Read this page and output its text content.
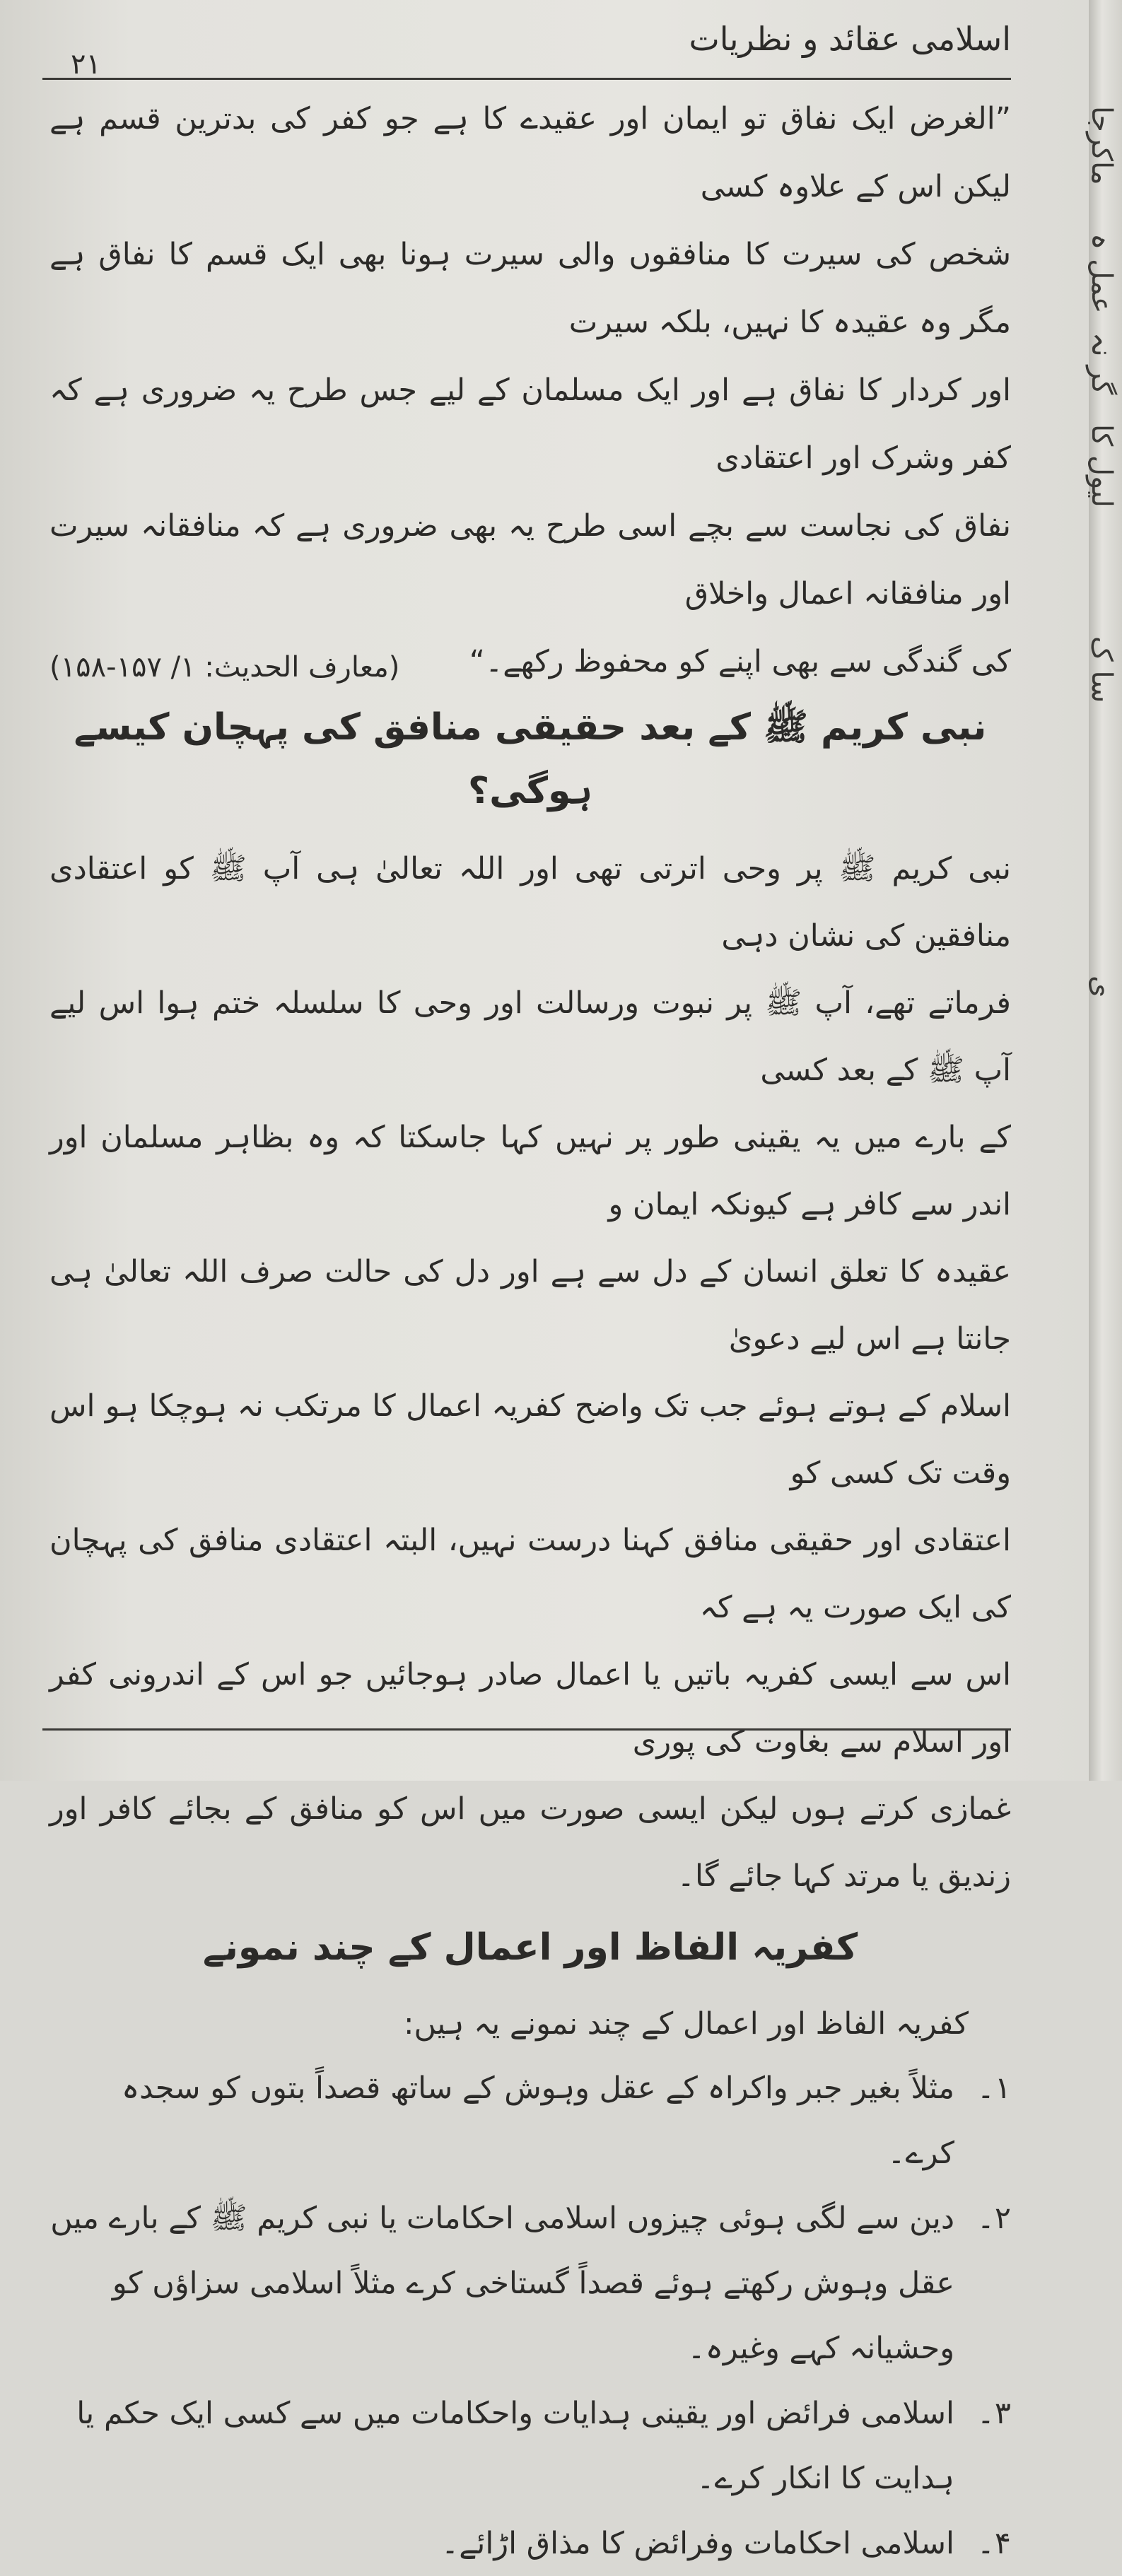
اسلامی عقائد و نظریات
۲۱

”الغرض ایک نفاق تو ایمان اور عقیدے کا ہے جو کفر کی بدترین قسم ہے لیکن اس کے علاوہ کسی

شخص کی سیرت کا منافقوں والی سیرت ہونا بھی ایک قسم کا نفاق ہے مگر وہ عقیدہ کا نہیں، بلکہ سیرت

اور کردار کا نفاق ہے اور ایک مسلمان کے لیے جس طرح یہ ضروری ہے کہ کفر وشرک اور اعتقادی

نفاق کی نجاست سے بچے اسی طرح یہ بھی ضروری ہے کہ منافقانہ سیرت اور منافقانہ اعمال واخلاق

کی گندگی سے بھی اپنے کو محفوظ رکھے۔“

(معارف الحدیث: ۱/ ۱۵۷-۱۵۸)

نبی کریم ﷺ کے بعد حقیقی منافق کی پہچان کیسے ہوگی؟

نبی کریم ﷺ پر وحی اترتی تھی اور اللہ تعالیٰ ہی آپ ﷺ کو اعتقادی منافقین کی نشان دہی

فرماتے تھے، آپ ﷺ پر نبوت ورسالت اور وحی کا سلسلہ ختم ہوا اس لیے آپ ﷺ کے بعد کسی

کے بارے میں یہ یقینی طور پر نہیں کہا جاسکتا کہ وہ بظاہر مسلمان اور اندر سے کافر ہے کیونکہ ایمان و

عقیدہ کا تعلق انسان کے دل سے ہے اور دل کی حالت صرف اللہ تعالیٰ ہی جانتا ہے اس لیے دعویٰ

اسلام کے ہوتے ہوئے جب تک واضح کفریہ اعمال کا مرتکب نہ ہوچکا ہو اس وقت تک کسی کو

اعتقادی اور حقیقی منافق کہنا درست نہیں، البتہ اعتقادی منافق کی پہچان کی ایک صورت یہ ہے کہ

اس سے ایسی کفریہ باتیں یا اعمال صادر ہوجائیں جو اس کے اندرونی کفر اور اسلام سے بغاوت کی پوری

غمازی کرتے ہوں لیکن ایسی صورت میں اس کو منافق کے بجائے کافر اور زندیق یا مرتد کہا جائے گا۔

کفریہ الفاظ اور اعمال کے چند نمونے

کفریہ الفاظ اور اعمال کے چند نمونے یہ ہیں:

۱۔
مثلاً بغیر جبر واکراہ کے عقل وہوش کے ساتھ قصداً بتوں کو سجدہ کرے۔
۲۔
دین سے لگی ہوئی چیزوں اسلامی احکامات یا نبی کریم ﷺ کے بارے میں عقل وہوش رکھتے ہوئے قصداً گستاخی کرے مثلاً اسلامی سزاؤں کو وحشیانہ کہے وغیرہ۔
۳۔
اسلامی فرائض اور یقینی ہدایات واحکامات میں سے کسی ایک حکم یا ہدایت کا انکار کرے۔
۴۔
اسلامی احکامات وفرائض کا مذاق اڑائے۔
ماکرجا
عمل ہ
گر نہ
لیول کا
سا ک
ی
